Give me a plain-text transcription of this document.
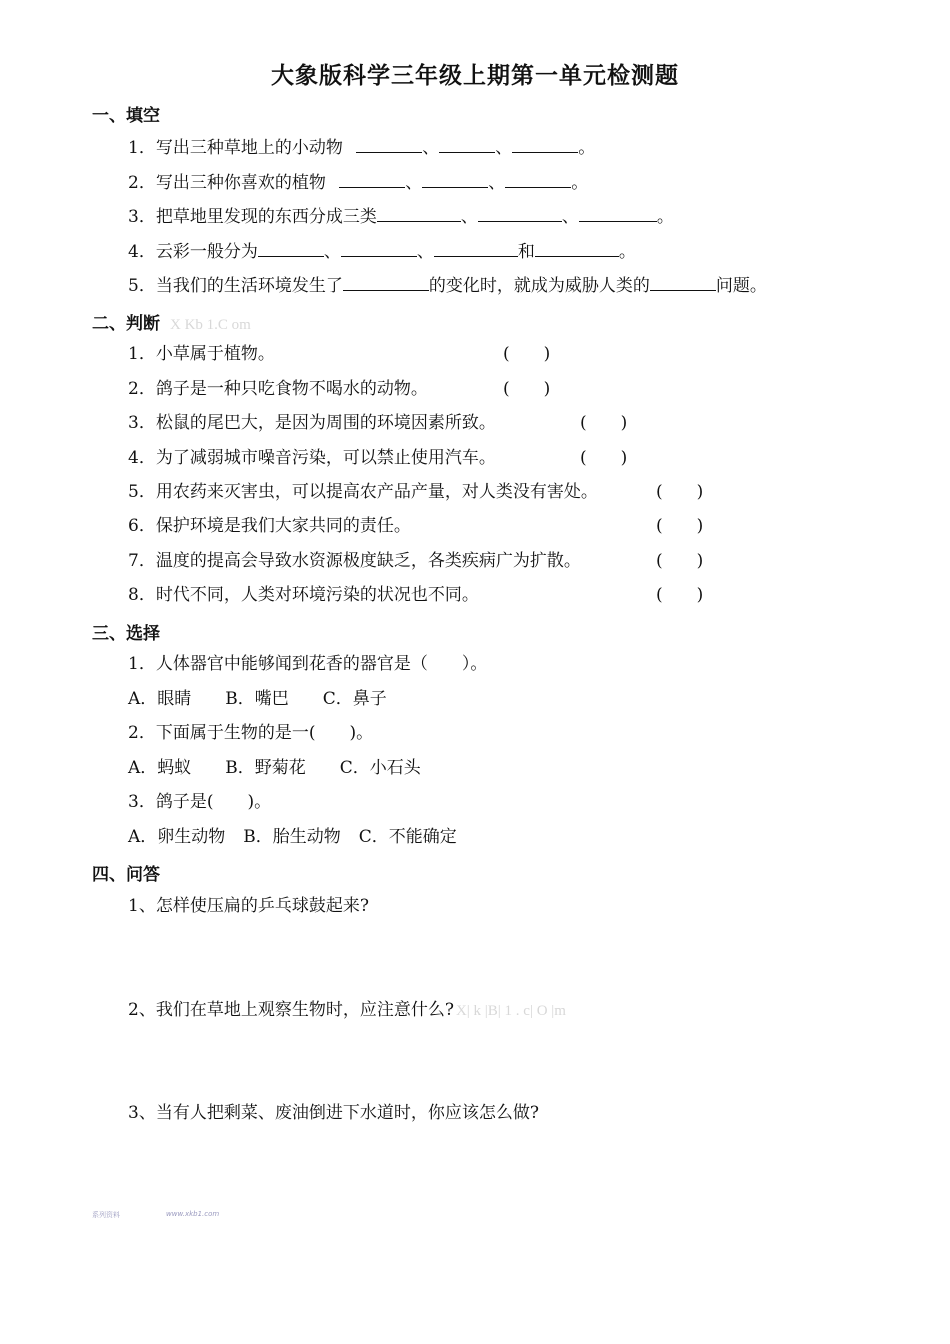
大象版科学三年级上期第一单元检测题
一、填空
1．写出三种草地上的小动物	、	、	。
2．写出三种你喜欢的植物	、	、	。
3．把草地里发现的东西分成三类	、	、	。
4．云彩一般分为	、	、	和	。
5．当我们的生活环境发生了	的变化时，就成为威胁人类的	问题。
二、判断 X Kb 1.C om
1．小草属于植物。	(　　)
2．鸽子是一种只吃食物不喝水的动物。	(　　)
3．松鼠的尾巴大，是因为周围的环境因素所致。	(　　)
4．为了减弱城市噪音污染，可以禁止使用汽车。	(　　)
5．用农药来灭害虫，可以提高农产品产量，对人类没有害处。	(　　)
6．保护环境是我们大家共同的责任。	(　　)
7．温度的提高会导致水资源极度缺乏，各类疾病广为扩散。	(　　)
8．时代不同，人类对环境污染的状况也不同。	(　　)
三、选择
1．人体器官中能够闻到花香的器官是（　　）。
A．眼睛 B．嘴巴 C．鼻子
2．下面属于生物的是一(　　)。
A．蚂蚁 B．野菊花 C．小石头
3．鸽子是(　　)。
A．卵生动物 B．胎生动物 C．不能确定
四、问答
1、怎样使压扁的乒乓球鼓起来?
2、我们在草地上观察生物时，应注意什么? X| k |B| 1 . c| O |m
3、当有人把剩菜、废油倒进下水道时，你应该怎么做?
系列资料	www.xkb1.com
